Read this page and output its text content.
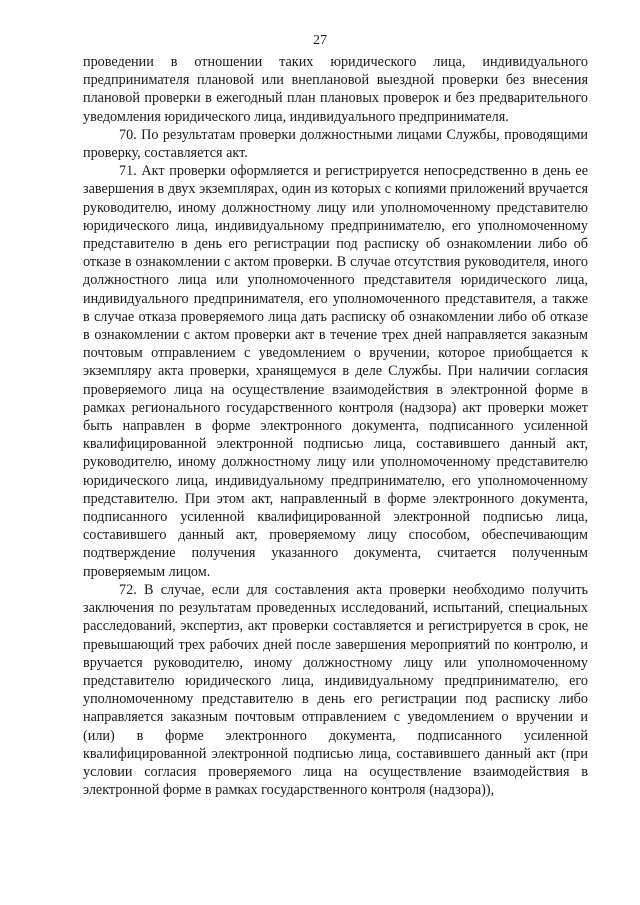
27

проведении в отношении таких юридического лица, индивидуального предпринимателя плановой или внеплановой выездной проверки без внесения плановой проверки в ежегодный план плановых проверок и без предварительного уведомления юридического лица, индивидуального предпринимателя.

70. По результатам проверки должностными лицами Службы, проводящими проверку, составляется акт.

71. Акт проверки оформляется и регистрируется непосредственно в день ее завершения в двух экземплярах, один из которых с копиями приложений вручается руководителю, иному должностному лицу или уполномоченному представителю юридического лица, индивидуальному предпринимателю, его уполномоченному представителю в день его регистрации под расписку об ознакомлении либо об отказе в ознакомлении с актом проверки. В случае отсутствия руководителя, иного должностного лица или уполномоченного представителя юридического лица, индивидуального предпринимателя, его уполномоченного представителя, а также в случае отказа проверяемого лица дать расписку об ознакомлении либо об отказе в ознакомлении с актом проверки акт в течение трех дней направляется заказным почтовым отправлением с уведомлением о вручении, которое приобщается к экземпляру акта проверки, хранящемуся в деле Службы. При наличии согласия проверяемого лица на осуществление взаимодействия в электронной форме в рамках регионального государственного контроля (надзора) акт проверки может быть направлен в форме электронного документа, подписанного усиленной квалифицированной электронной подписью лица, составившего данный акт, руководителю, иному должностному лицу или уполномоченному представителю юридического лица, индивидуальному предпринимателю, его уполномоченному представителю. При этом акт, направленный в форме электронного документа, подписанного усиленной квалифицированной электронной подписью лица, составившего данный акт, проверяемому лицу способом, обеспечивающим подтверждение получения указанного документа, считается полученным проверяемым лицом.

72. В случае, если для составления акта проверки необходимо получить заключения по результатам проведенных исследований, испытаний, специальных расследований, экспертиз, акт проверки составляется и регистрируется в срок, не превышающий трех рабочих дней после завершения мероприятий по контролю, и вручается руководителю, иному должностному лицу или уполномоченному представителю юридического лица, индивидуальному предпринимателю, его уполномоченному представителю в день его регистрации под расписку либо направляется заказным почтовым отправлением с уведомлением о вручении и (или) в форме электронного документа, подписанного усиленной квалифицированной электронной подписью лица, составившего данный акт (при условии согласия проверяемого лица на осуществление взаимодействия в электронной форме в рамках государственного контроля (надзора)),
